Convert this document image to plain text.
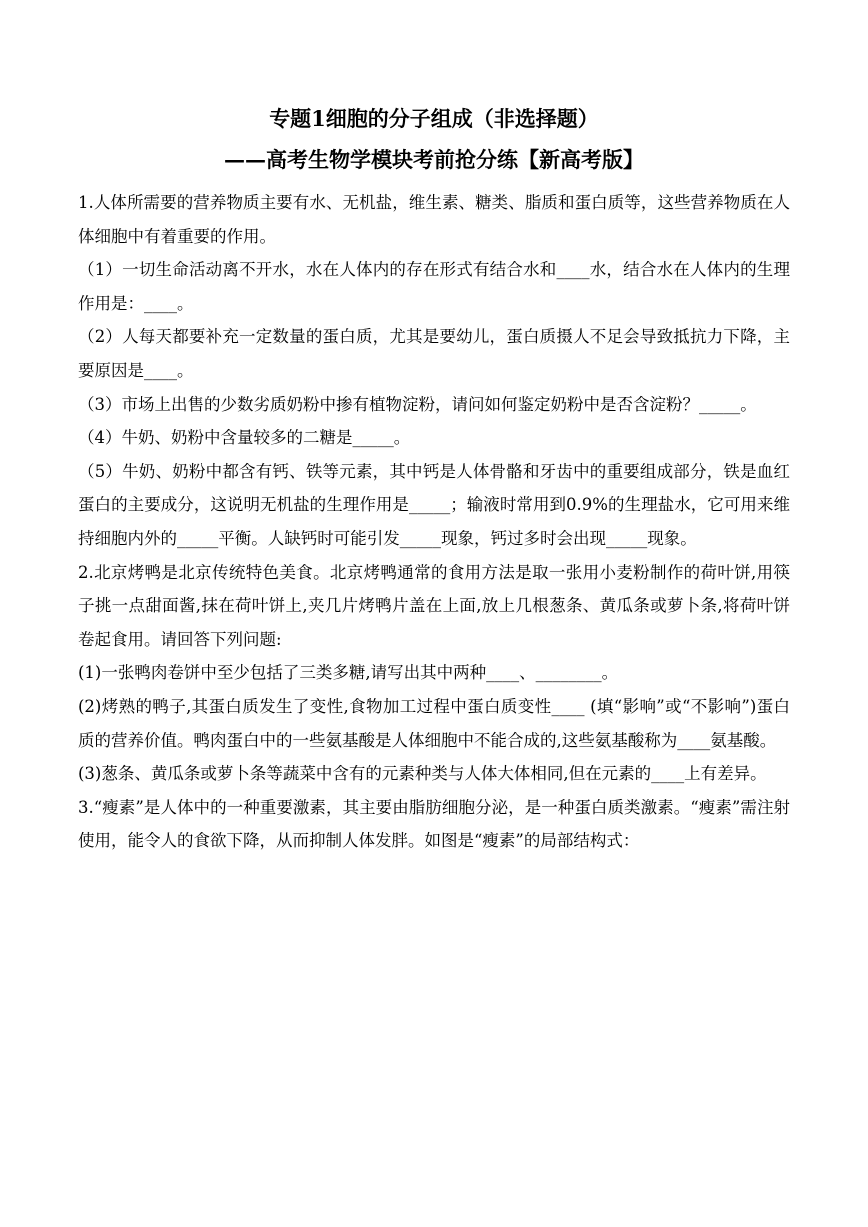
专题1细胞的分子组成（非选择题）
——高考生物学模块考前抢分练【新高考版】

1.人体所需要的营养物质主要有水、无机盐，维生素、糖类、脂质和蛋白质等，这些营养物质在人体细胞中有着重要的作用。

（1）一切生命活动离不开水，水在人体内的存在形式有结合水和____水，结合水在人体内的生理作用是：____。

（2）人每天都要补充一定数量的蛋白质，尤其是要幼儿，蛋白质摄人不足会导致抵抗力下降，主要原因是____。

（3）市场上出售的少数劣质奶粉中掺有植物淀粉，请问如何鉴定奶粉中是否含淀粉？_____。

（4）牛奶、奶粉中含量较多的二糖是_____。

（5）牛奶、奶粉中都含有钙、铁等元素，其中钙是人体骨骼和牙齿中的重要组成部分，铁是血红蛋白的主要成分，这说明无机盐的生理作用是_____；输液时常用到0.9%的生理盐水，它可用来维持细胞内外的_____平衡。人缺钙时可能引发_____现象，钙过多时会出现_____现象。

2.北京烤鸭是北京传统特色美食。北京烤鸭通常的食用方法是取一张用小麦粉制作的荷叶饼,用筷子挑一点甜面酱,抹在荷叶饼上,夹几片烤鸭片盖在上面,放上几根葱条、黄瓜条或萝卜条,将荷叶饼卷起食用。请回答下列问题:

(1)一张鸭肉卷饼中至少包括了三类多糖,请写出其中两种____、________。

(2)烤熟的鸭子,其蛋白质发生了变性,食物加工过程中蛋白质变性____ (填“影响”或“不影响”)蛋白质的营养价值。鸭肉蛋白中的一些氨基酸是人体细胞中不能合成的,这些氨基酸称为____氨基酸。

(3)葱条、黄瓜条或萝卜条等蔬菜中含有的元素种类与人体大体相同,但在元素的____上有差异。

3.“瘦素”是人体中的一种重要激素，其主要由脂肪细胞分泌，是一种蛋白质类激素。“瘦素”需注射使用，能令人的食欲下降，从而抑制人体发胖。如图是“瘦素”的局部结构式：
